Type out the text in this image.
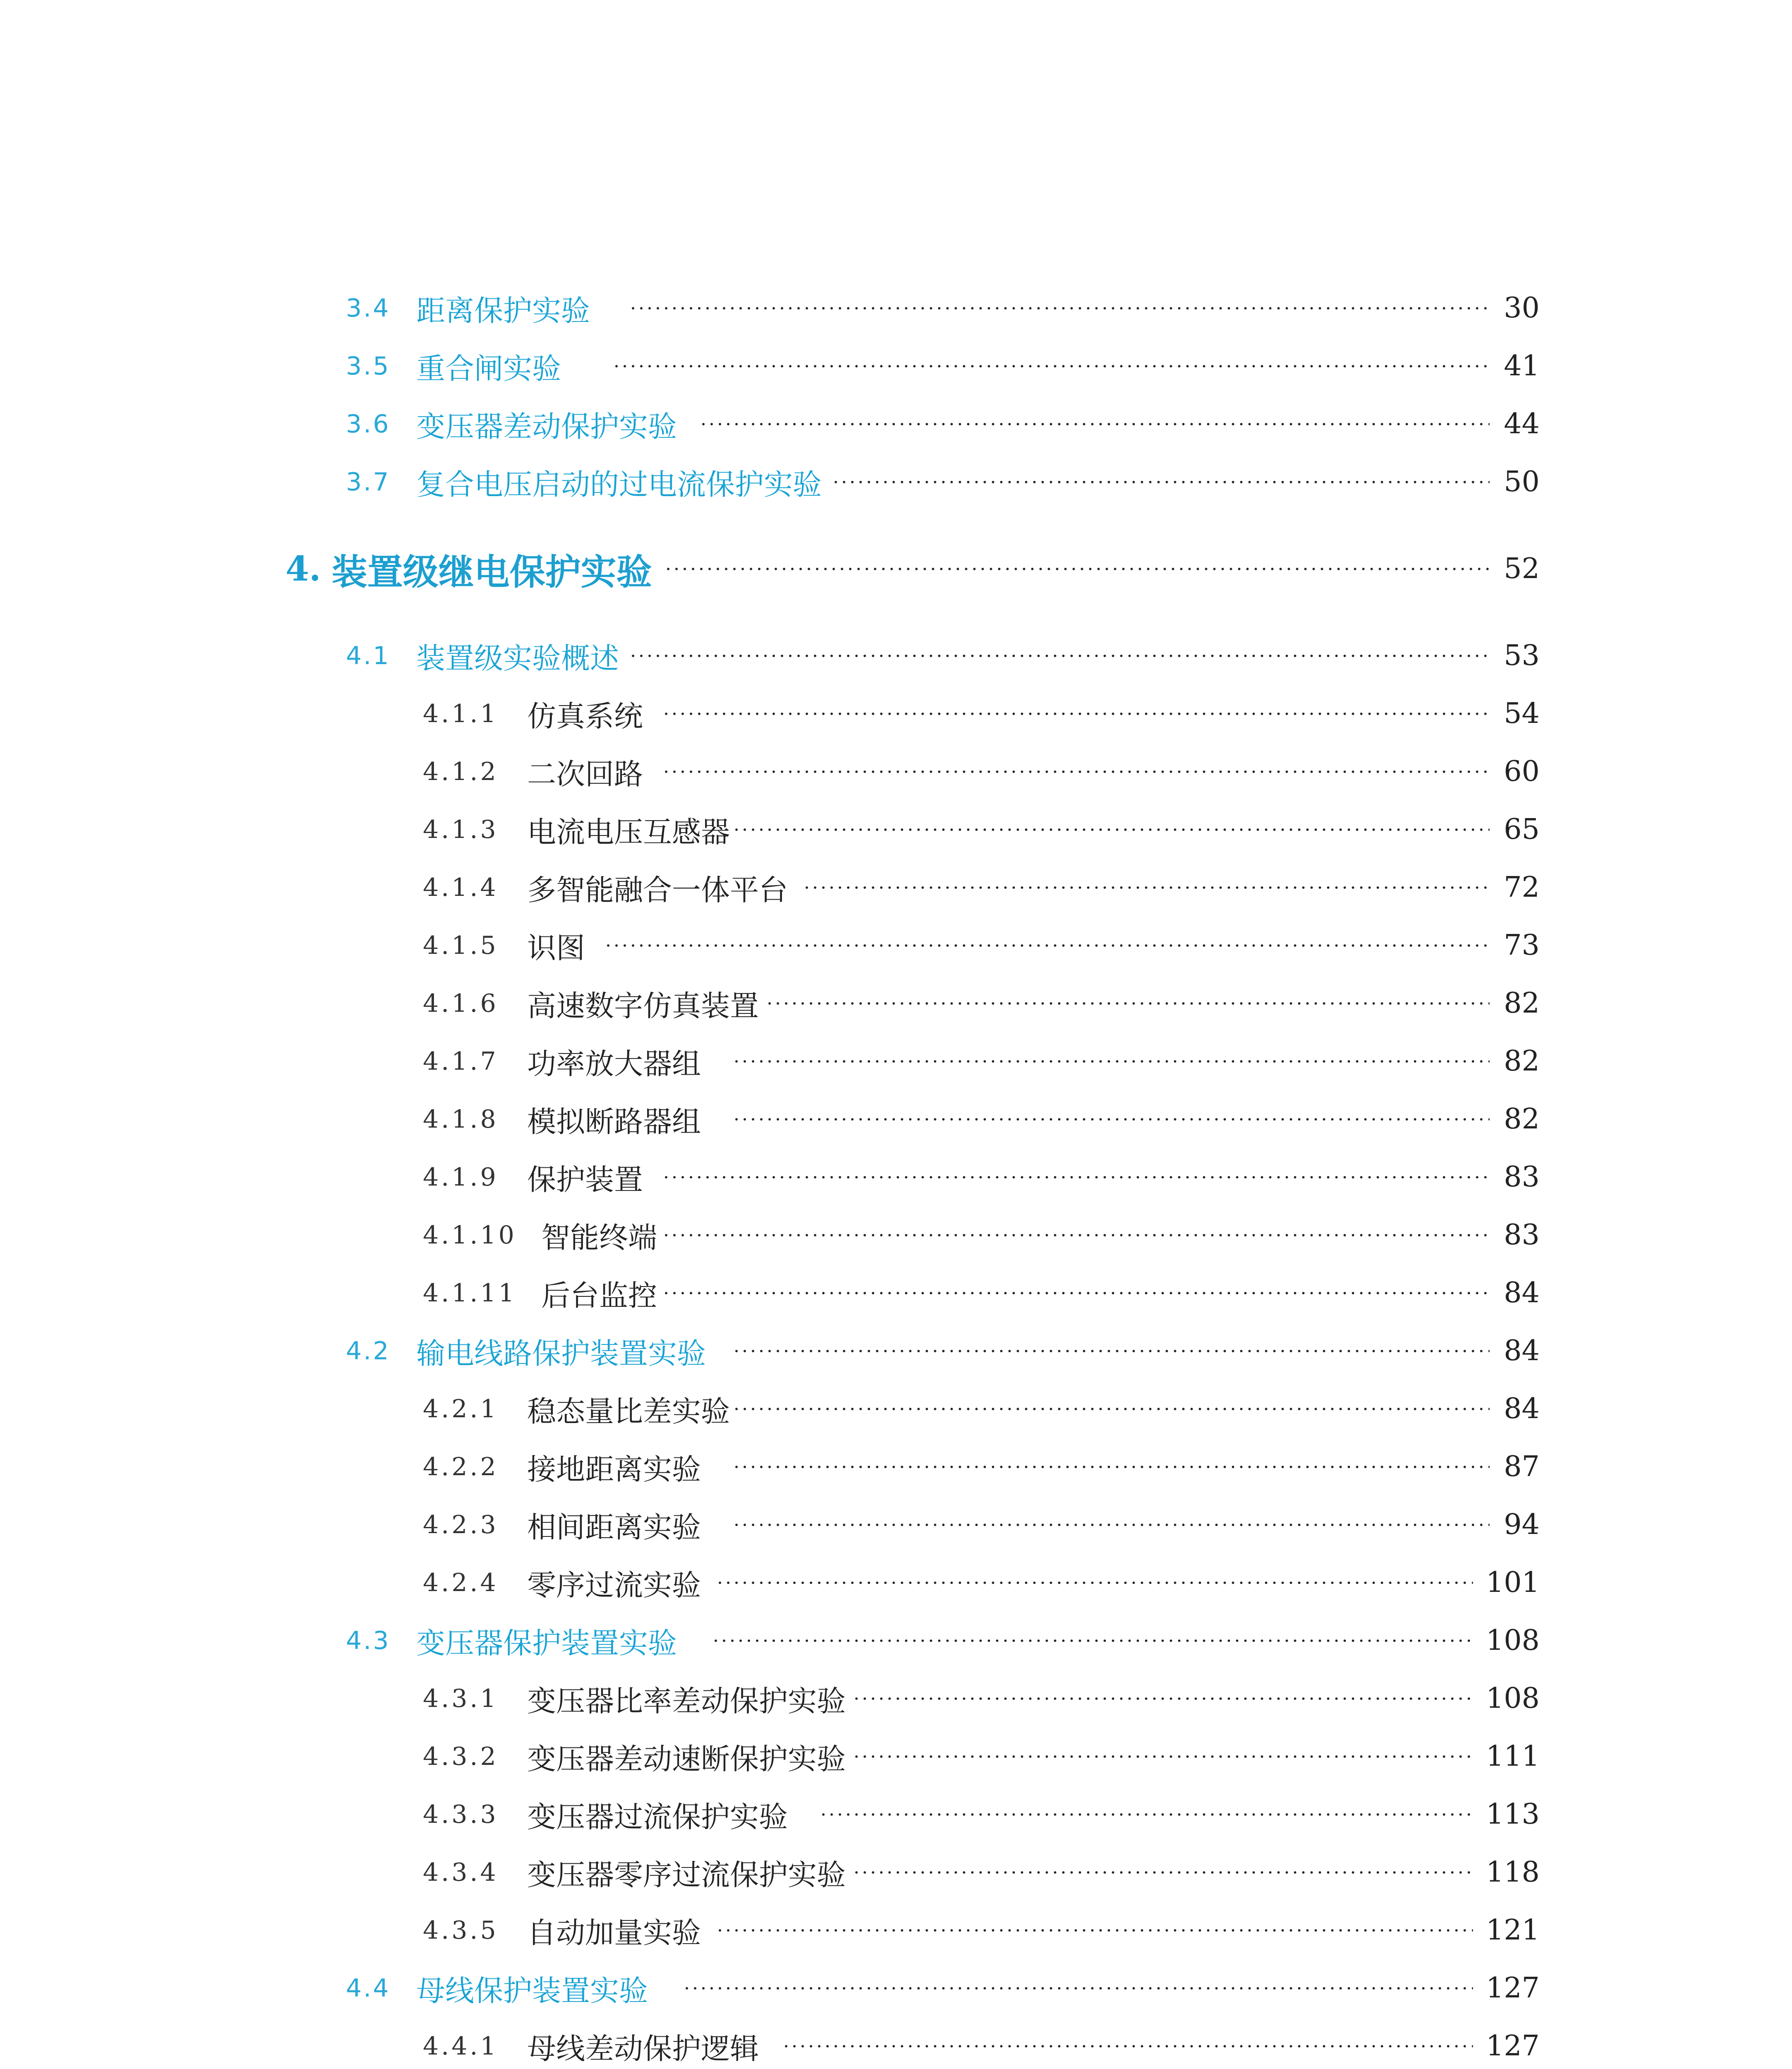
3.4 距离保护实验	30
3.5 重合闸实验	41
3.6 变压器差动保护实验	44
3.7 复合电压启动的过电流保护实验	50
4. 装置级继电保护实验	52
4.1 装置级实验概述	53
4.1.1 仿真系统	54
4.1.2 二次回路	60
4.1.3 电流电压互感器	65
4.1.4 多智能融合一体平台	72
4.1.5 识图	73
4.1.6 高速数字仿真装置	82
4.1.7 功率放大器组	82
4.1.8 模拟断路器组	82
4.1.9 保护装置	83
4.1.10 智能终端	83
4.1.11 后台监控	84
4.2 输电线路保护装置实验	84
4.2.1 稳态量比差实验	84
4.2.2 接地距离实验	87
4.2.3 相间距离实验	94
4.2.4 零序过流实验	101
4.3 变压器保护装置实验	108
4.3.1 变压器比率差动保护实验	108
4.3.2 变压器差动速断保护实验	111
4.3.3 变压器过流保护实验	113
4.3.4 变压器零序过流保护实验	118
4.3.5 自动加量实验	121
4.4 母线保护装置实验	127
4.4.1 母线差动保护逻辑	127
